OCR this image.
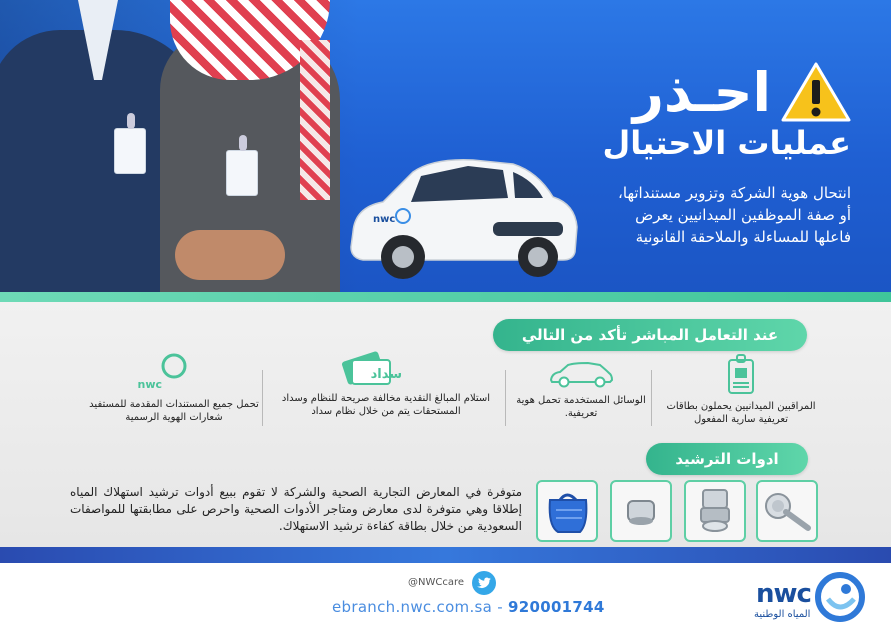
nwc
احـذر
عمليات الاحتيال
انتحال هوية الشركة وتزوير مستنداتها،
أو صفة الموظفين الميدانيين يعرض
فاعلها للمساءلة والملاحقة القانونية
عند التعامل المباشر تأكد من التالي
المراقبين الميدانيين يحملون بطاقات تعريفية سارية المفعول
الوسائل المستخدمة تحمل هوية تعريفية.
سداد
استلام المبالغ النقدية مخالفة صريحة للنظام وسداد المستحقات يتم من خلال نظام سداد
nwc
تحمل جميع المستندات المقدمة للمستفيد شعارات الهوية الرسمية
ادوات الترشيد
متوفرة في المعارض التجارية الصحية والشركة لا تقوم ببيع أدوات ترشيد استهلاك المياه إطلاقا وهي متوفرة لدى معارض ومتاجر الأدوات الصحية واحرص على مطابقتها للمواصفات السعودية من خلال بطاقة كفاءة ترشيد الاستهلاك.
@NWCcare
ebranch.nwc.com.sa - 920001744	nwc
المياه الوطنية
